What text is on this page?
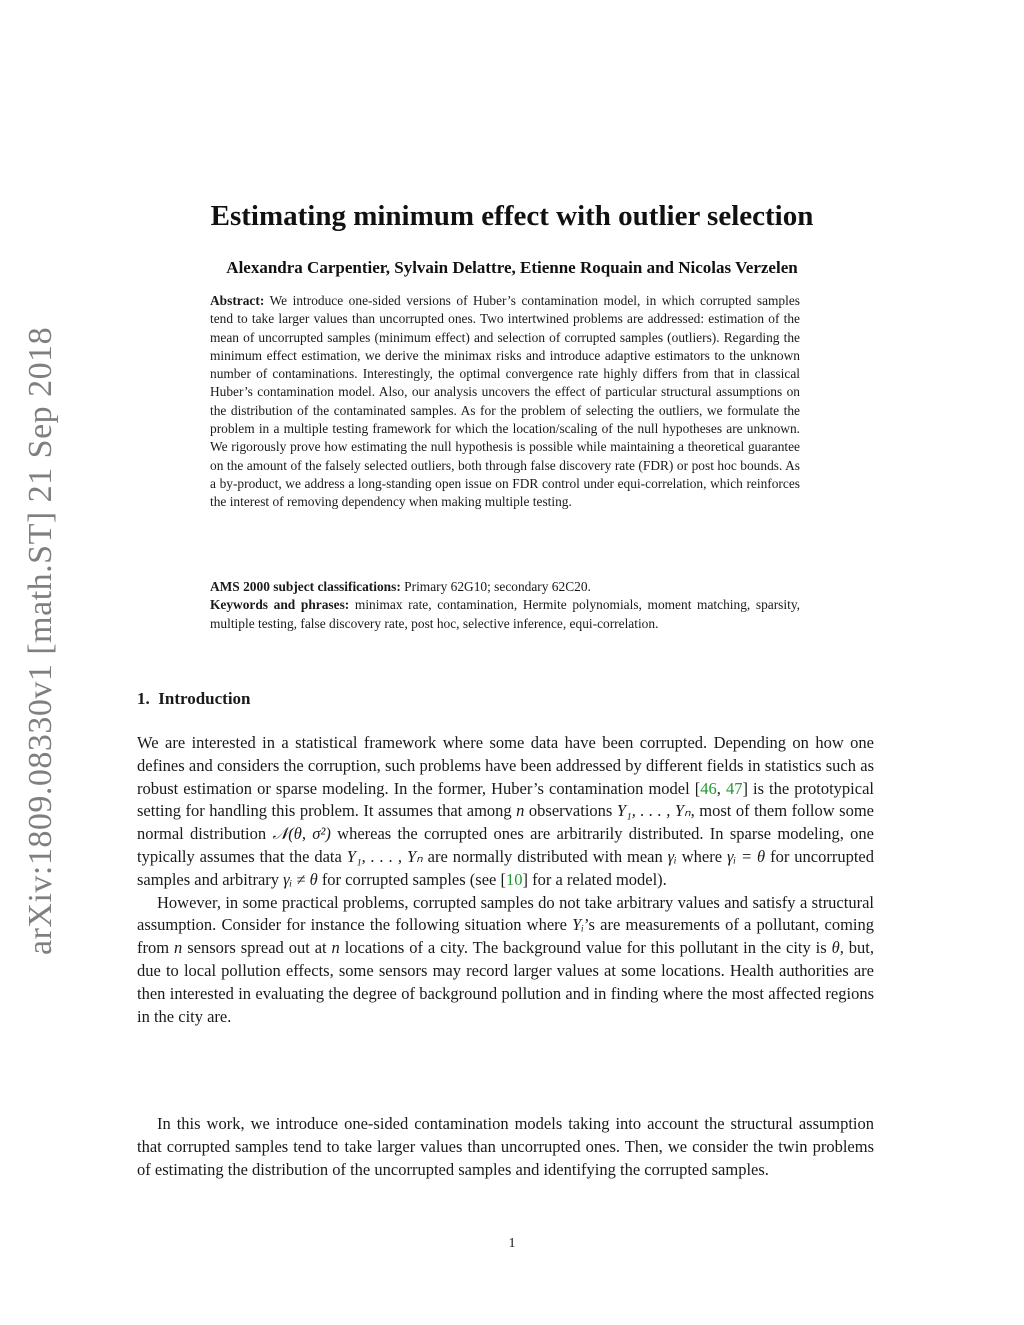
arXiv:1809.08330v1 [math.ST] 21 Sep 2018
Estimating minimum effect with outlier selection
Alexandra Carpentier, Sylvain Delattre, Etienne Roquain and Nicolas Verzelen
Abstract: We introduce one-sided versions of Huber’s contamination model, in which corrupted samples tend to take larger values than uncorrupted ones. Two intertwined problems are addressed: estimation of the mean of uncorrupted samples (minimum effect) and selection of corrupted samples (outliers). Regarding the minimum effect estimation, we derive the minimax risks and introduce adaptive estimators to the unknown number of contaminations. Interestingly, the optimal convergence rate highly differs from that in classical Huber’s contamination model. Also, our analysis uncovers the effect of particular structural assumptions on the distribution of the contaminated samples. As for the problem of selecting the outliers, we formulate the problem in a multiple testing framework for which the location/scaling of the null hypotheses are unknown. We rigorously prove how estimating the null hypothesis is possible while maintaining a theoretical guarantee on the amount of the falsely selected outliers, both through false discovery rate (FDR) or post hoc bounds. As a by-product, we address a long-standing open issue on FDR control under equi-correlation, which reinforces the interest of removing dependency when making multiple testing.
AMS 2000 subject classifications: Primary 62G10; secondary 62C20.
Keywords and phrases: minimax rate, contamination, Hermite polynomials, moment matching, sparsity, multiple testing, false discovery rate, post hoc, selective inference, equi-correlation.
1. Introduction

We are interested in a statistical framework where some data have been corrupted. Depending on how one defines and considers the corruption, such problems have been addressed by different fields in statistics such as robust estimation or sparse modeling. In the former, Huber’s contamination model [46, 47] is the prototypical setting for handling this problem. It assumes that among n observations Y₁, . . . , Yₙ, most of them follow some normal distribution 𝒩(θ, σ²) whereas the corrupted ones are arbitrarily distributed. In sparse modeling, one typically assumes that the data Y₁, . . . , Yₙ are normally distributed with mean γᵢ where γᵢ = θ for uncorrupted samples and arbitrary γᵢ ≠ θ for corrupted samples (see [10] for a related model).

However, in some practical problems, corrupted samples do not take arbitrary values and satisfy a structural assumption. Consider for instance the following situation where Yᵢ’s are measurements of a pollutant, coming from n sensors spread out at n locations of a city. The background value for this pollutant in the city is θ, but, due to local pollution effects, some sensors may record larger values at some locations. Health authorities are then interested in evaluating the degree of background pollution and in finding where the most affected regions in the city are.

In this work, we introduce one-sided contamination models taking into account the structural assumption that corrupted samples tend to take larger values than uncorrupted ones. Then, we consider the twin problems of estimating the distribution of the uncorrupted samples and identifying the corrupted samples.

1
